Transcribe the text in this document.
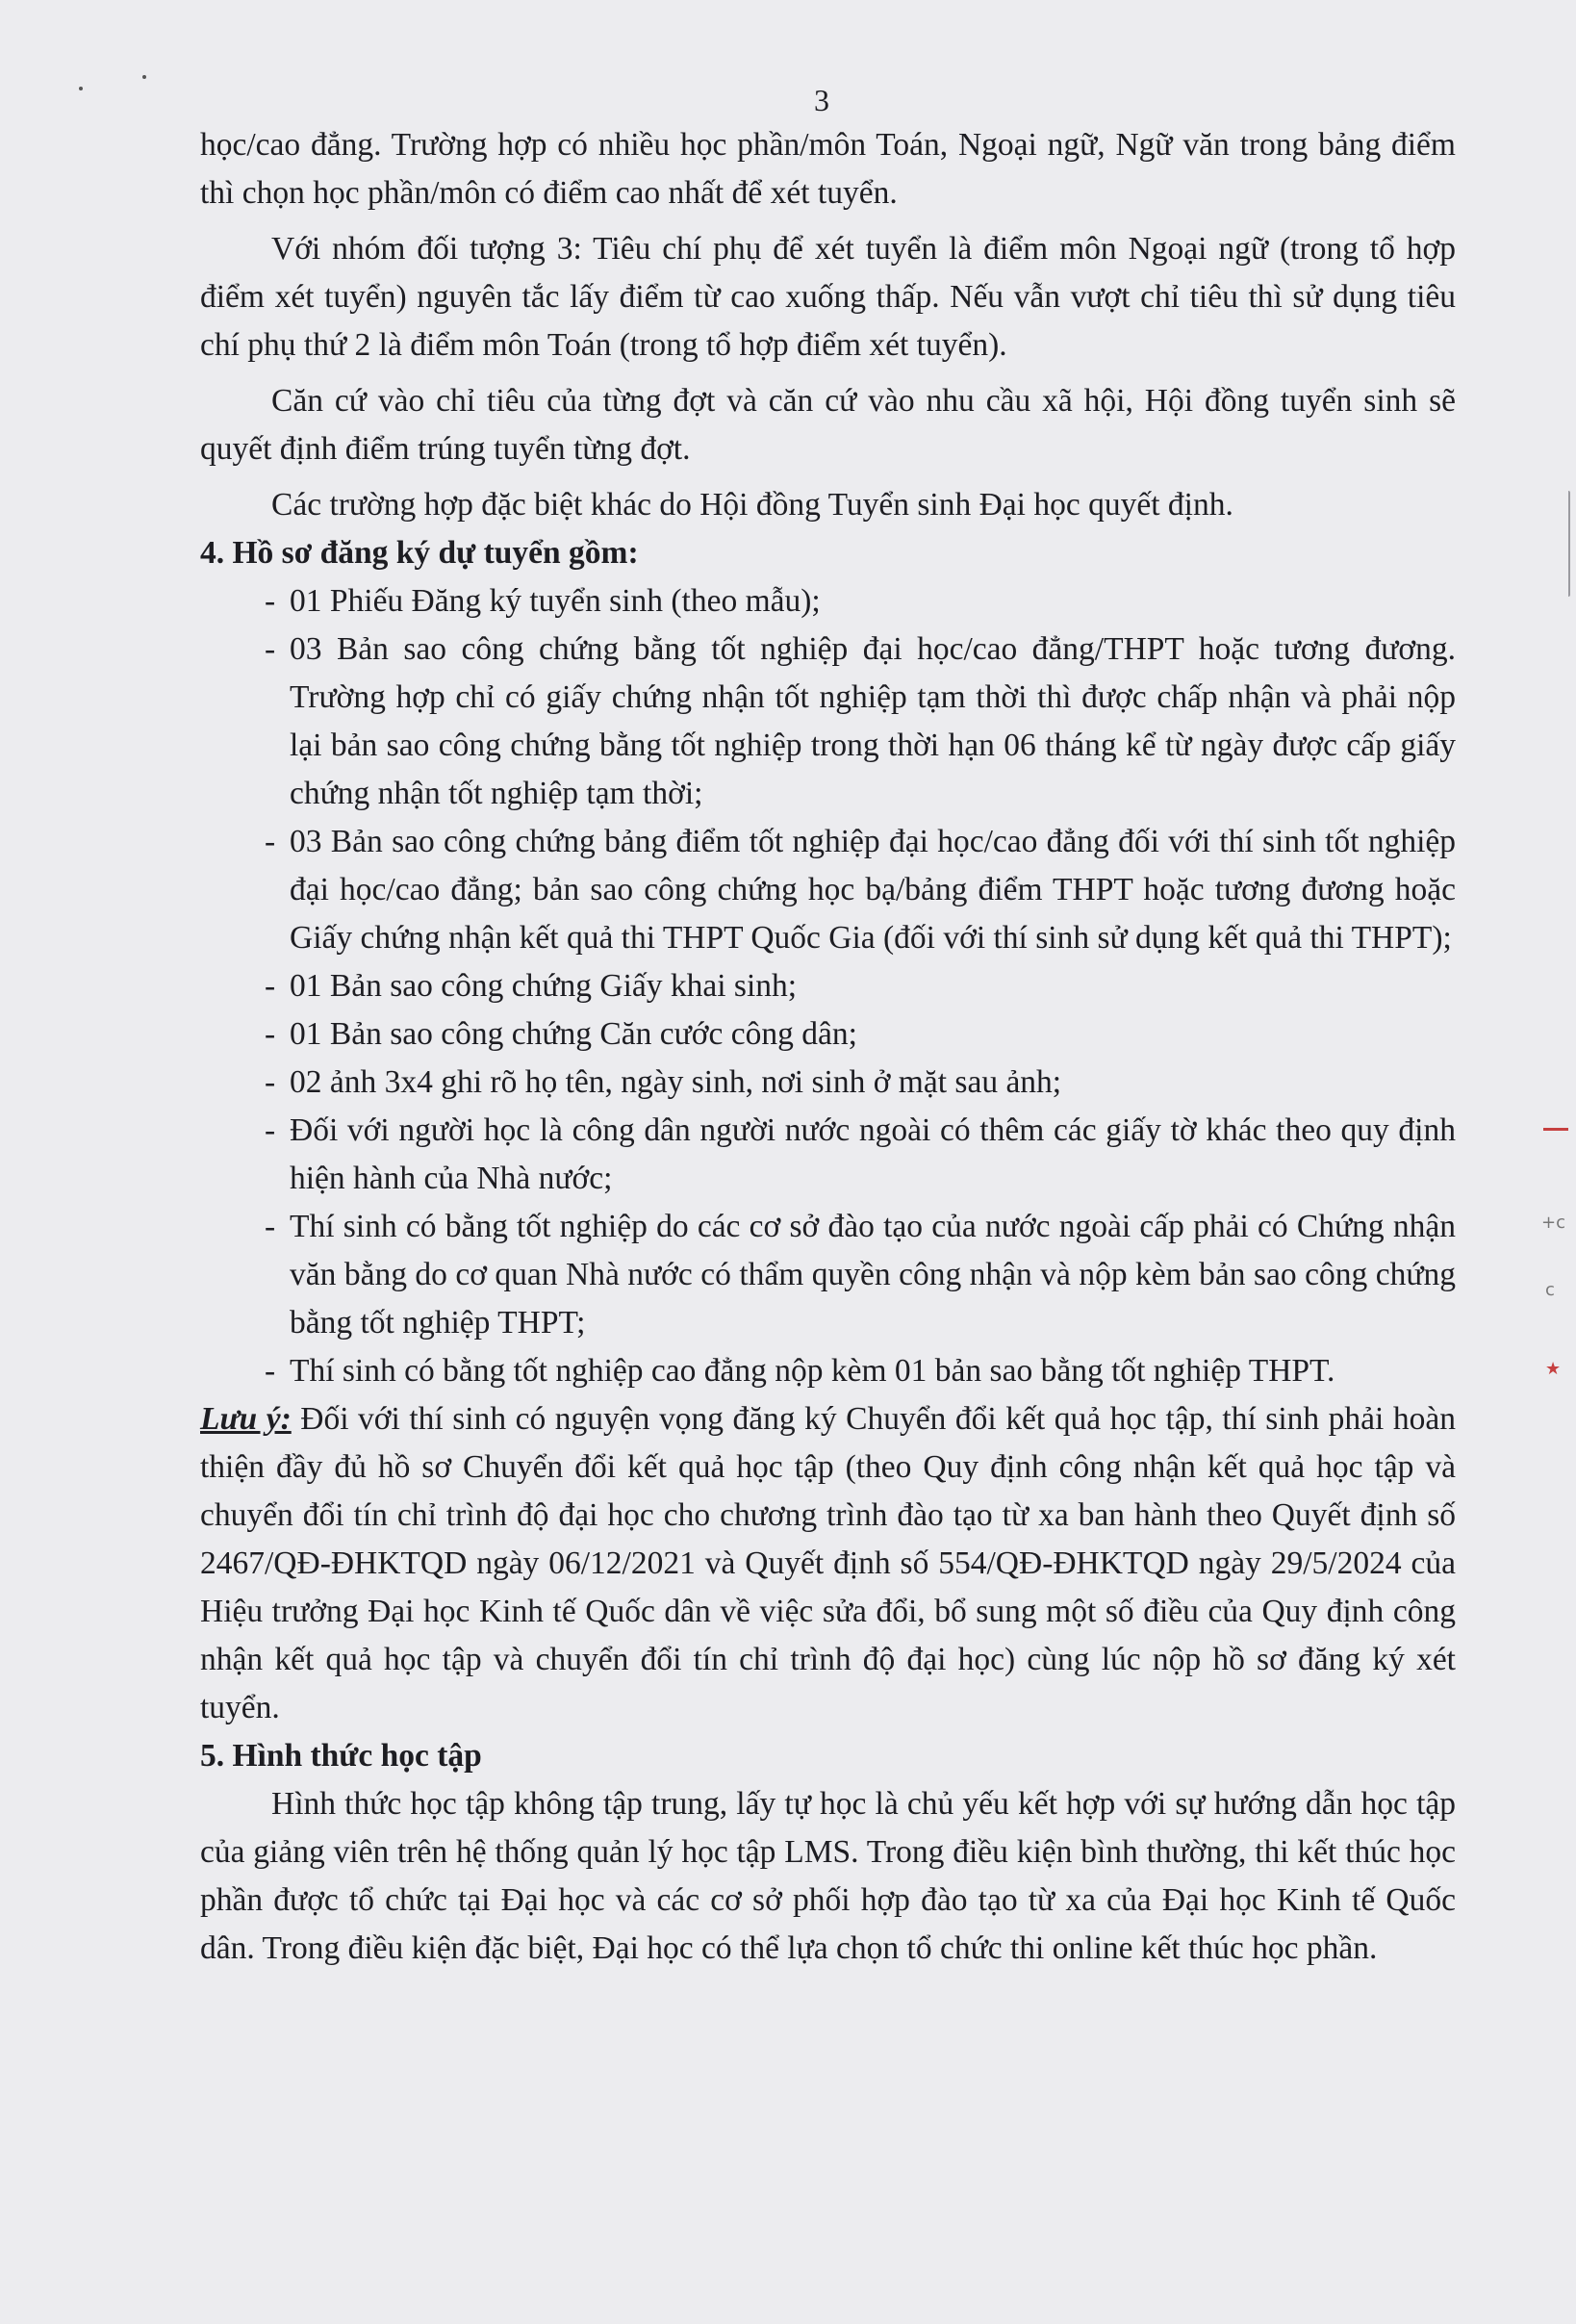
3

học/cao đẳng. Trường hợp có nhiều học phần/môn Toán, Ngoại ngữ, Ngữ văn trong bảng điểm thì chọn học phần/môn có điểm cao nhất để xét tuyển.

Với nhóm đối tượng 3: Tiêu chí phụ để xét tuyển là điểm môn Ngoại ngữ (trong tổ hợp điểm xét tuyển) nguyên tắc lấy điểm từ cao xuống thấp. Nếu vẫn vượt chỉ tiêu thì sử dụng tiêu chí phụ thứ 2 là điểm môn Toán (trong tổ hợp điểm xét tuyển).

Căn cứ vào chỉ tiêu của từng đợt và căn cứ vào nhu cầu xã hội, Hội đồng tuyển sinh sẽ quyết định điểm trúng tuyển từng đợt.

Các trường hợp đặc biệt khác do Hội đồng Tuyển sinh Đại học quyết định.

4. Hồ sơ đăng ký dự tuyển gồm:

- 01 Phiếu Đăng ký tuyển sinh (theo mẫu);
- 03 Bản sao công chứng bằng tốt nghiệp đại học/cao đẳng/THPT hoặc tương đương. Trường hợp chỉ có giấy chứng nhận tốt nghiệp tạm thời thì được chấp nhận và phải nộp lại bản sao công chứng bằng tốt nghiệp trong thời hạn 06 tháng kể từ ngày được cấp giấy chứng nhận tốt nghiệp tạm thời;
- 03 Bản sao công chứng bảng điểm tốt nghiệp đại học/cao đẳng đối với thí sinh tốt nghiệp đại học/cao đẳng; bản sao công chứng học bạ/bảng điểm THPT hoặc tương đương hoặc Giấy chứng nhận kết quả thi THPT Quốc Gia (đối với thí sinh sử dụng kết quả thi THPT);
- 01 Bản sao công chứng Giấy khai sinh;
- 01 Bản sao công chứng Căn cước công dân;
- 02 ảnh 3x4 ghi rõ họ tên, ngày sinh, nơi sinh ở mặt sau ảnh;
- Đối với người học là công dân người nước ngoài có thêm các giấy tờ khác theo quy định hiện hành của Nhà nước;
- Thí sinh có bằng tốt nghiệp do các cơ sở đào tạo của nước ngoài cấp phải có Chứng nhận văn bằng do cơ quan Nhà nước có thẩm quyền công nhận và nộp kèm bản sao công chứng bằng tốt nghiệp THPT;
- Thí sinh có bằng tốt nghiệp cao đẳng nộp kèm 01 bản sao bằng tốt nghiệp THPT.

Lưu ý: Đối với thí sinh có nguyện vọng đăng ký Chuyển đổi kết quả học tập, thí sinh phải hoàn thiện đầy đủ hồ sơ Chuyển đổi kết quả học tập (theo Quy định công nhận kết quả học tập và chuyển đổi tín chỉ trình độ đại học cho chương trình đào tạo từ xa ban hành theo Quyết định số 2467/QĐ-ĐHKTQD ngày 06/12/2021 và Quyết định số 554/QĐ-ĐHKTQD ngày 29/5/2024 của Hiệu trưởng Đại học Kinh tế Quốc dân về việc sửa đổi, bổ sung một số điều của Quy định công nhận kết quả học tập và chuyển đổi tín chỉ trình độ đại học) cùng lúc nộp hồ sơ đăng ký xét tuyển.

5. Hình thức học tập

Hình thức học tập không tập trung, lấy tự học là chủ yếu kết hợp với sự hướng dẫn học tập của giảng viên trên hệ thống quản lý học tập LMS. Trong điều kiện bình thường, thi kết thúc học phần được tổ chức tại Đại học và các cơ sở phối hợp đào tạo từ xa của Đại học Kinh tế Quốc dân. Trong điều kiện đặc biệt, Đại học có thể lựa chọn tổ chức thi online kết thúc học phần.

+c
c
★
